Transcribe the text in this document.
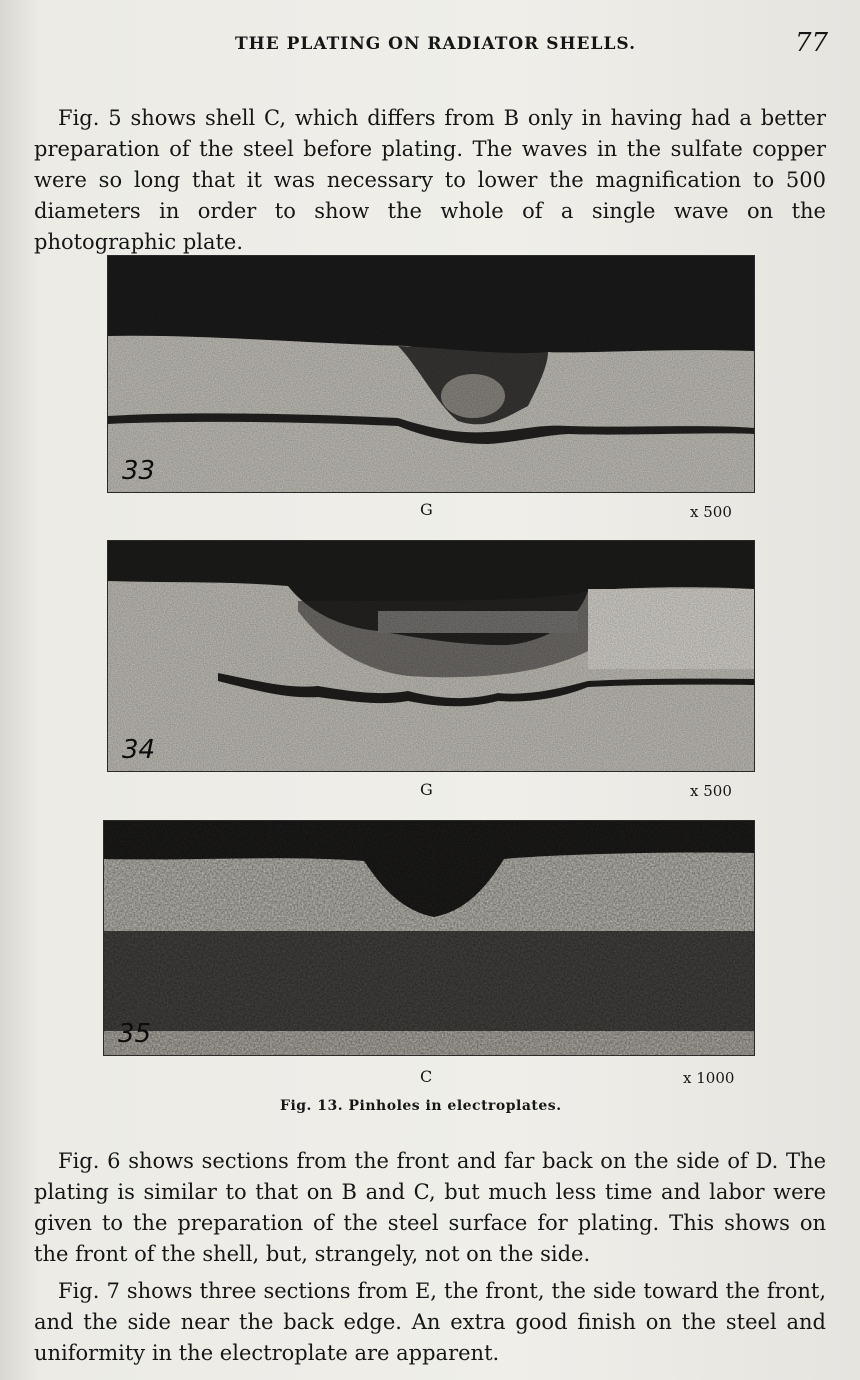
THE PLATING ON RADIATOR SHELLS.	77

Fig. 5 shows shell C, which differs from B only in having had a better preparation of the steel before plating. The waves in the sulfate copper were so long that it was necessary to lower the magnification to 500 diameters in order to show the whole of a single wave on the photographic plate.

33
G	x 500
34
G	x 500
35
C	x 1000
Fig. 13. Pinholes in electroplates.

Fig. 6 shows sections from the front and far back on the side of D. The plating is similar to that on B and C, but much less time and labor were given to the preparation of the steel surface for plating. This shows on the front of the shell, but, strangely, not on the side.

Fig. 7 shows three sections from E, the front, the side toward the front, and the side near the back edge. An extra good finish on the steel and uniformity in the electroplate are apparent.
